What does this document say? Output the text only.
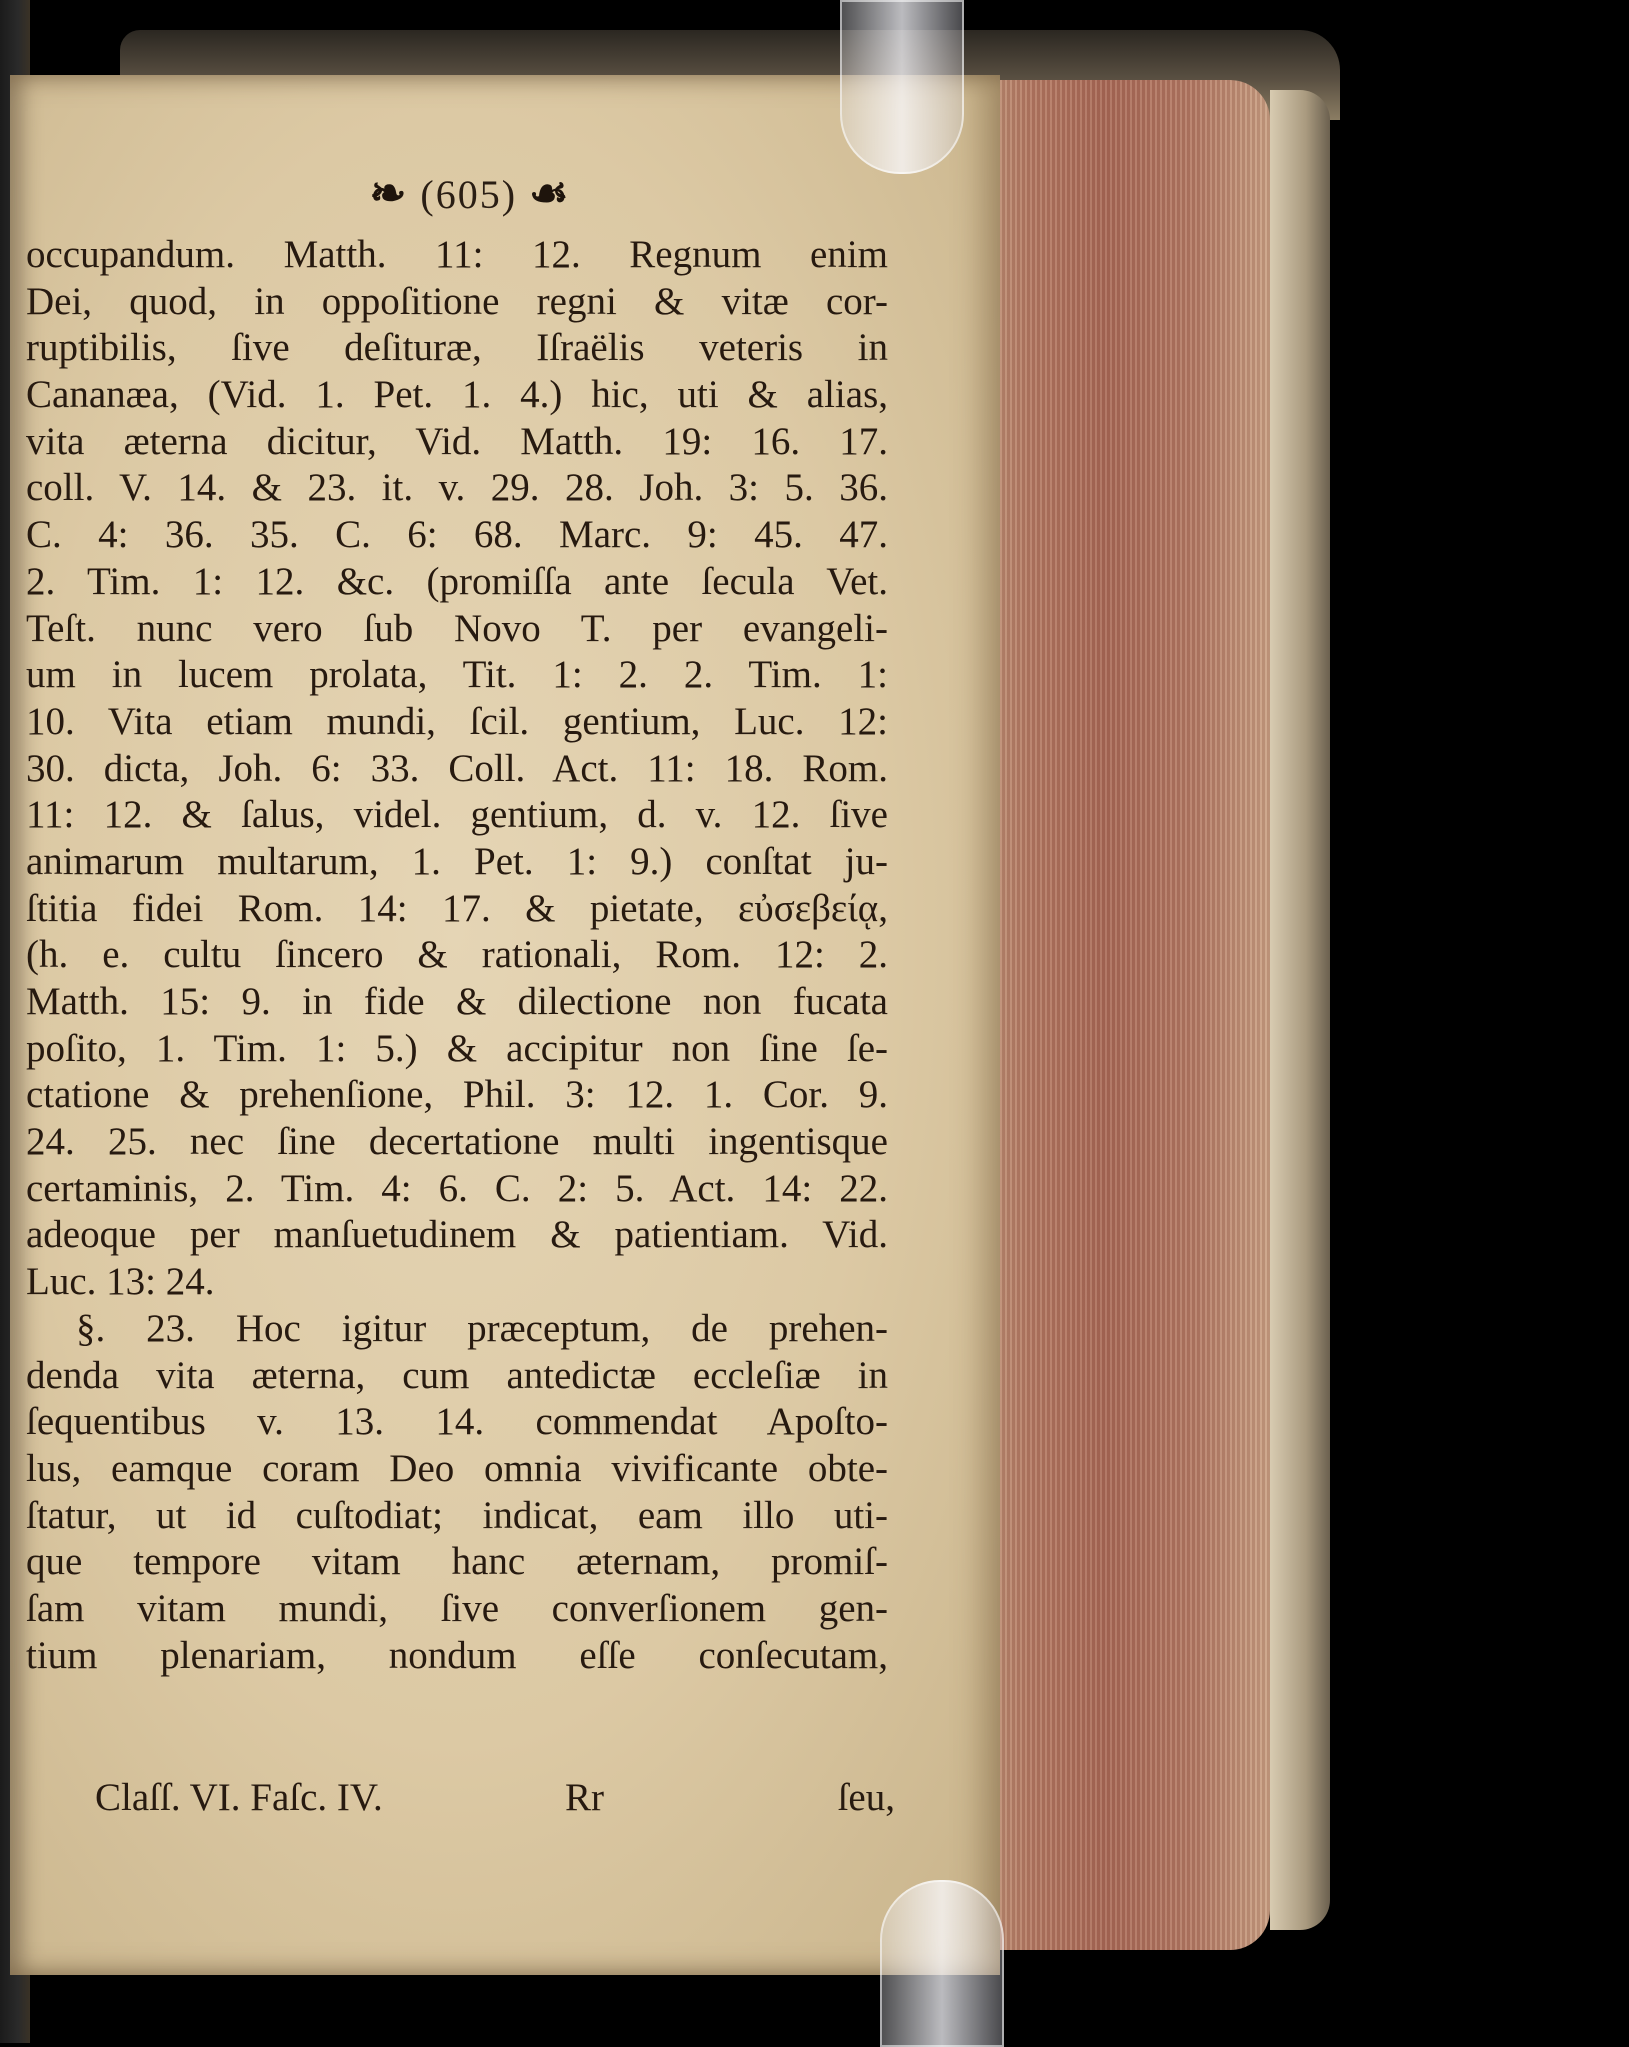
❧ (605) ☙
occupandum. Matth. 11: 12. Regnum enim
Dei, quod, in oppoſitione regni & vitæ cor-
ruptibilis, ſive deſituræ, Iſraëlis veteris in
Cananæa, (Vid. 1. Pet. 1. 4.) hic, uti & alias,
vita æterna dicitur, Vid. Matth. 19: 16. 17.
coll. V. 14. & 23. it. v. 29. 28. Joh. 3: 5. 36.
C. 4: 36. 35. C. 6: 68. Marc. 9: 45. 47.
2. Tim. 1: 12. &c. (promiſſa ante ſecula Vet.
Teſt. nunc vero ſub Novo T. per evangeli-
um in lucem prolata, Tit. 1: 2. 2. Tim. 1:
10. Vita etiam mundi, ſcil. gentium, Luc. 12:
30. dicta, Joh. 6: 33. Coll. Act. 11: 18. Rom.
11: 12. & ſalus, videl. gentium, d. v. 12. ſive
animarum multarum, 1. Pet. 1: 9.) conſtat ju-
ſtitia fidei Rom. 14: 17. & pietate, εὐσεβείᾳ,
(h. e. cultu ſincero & rationali, Rom. 12: 2.
Matth. 15: 9. in fide & dilectione non fucata
poſito, 1. Tim. 1: 5.) & accipitur non ſine ſe-
ctatione & prehenſione, Phil. 3: 12. 1. Cor. 9.
24. 25. nec ſine decertatione multi ingentisque
certaminis, 2. Tim. 4: 6. C. 2: 5. Act. 14: 22.
adeoque per manſuetudinem & patientiam. Vid.
Luc. 13: 24.
§. 23. Hoc igitur præceptum, de prehen-
denda vita æterna, cum antedictæ eccleſiæ in
ſequentibus v. 13. 14. commendat Apoſto-
lus, eamque coram Deo omnia vivificante obte-
ſtatur, ut id cuſtodiat; indicat, eam illo uti-
que tempore vitam hanc æternam, promiſ-
ſam vitam mundi, ſive converſionem gen-
tium plenariam, nondum eſſe conſecutam,
Claſſ. VI. Faſc. IV.	Rr	ſeu,
